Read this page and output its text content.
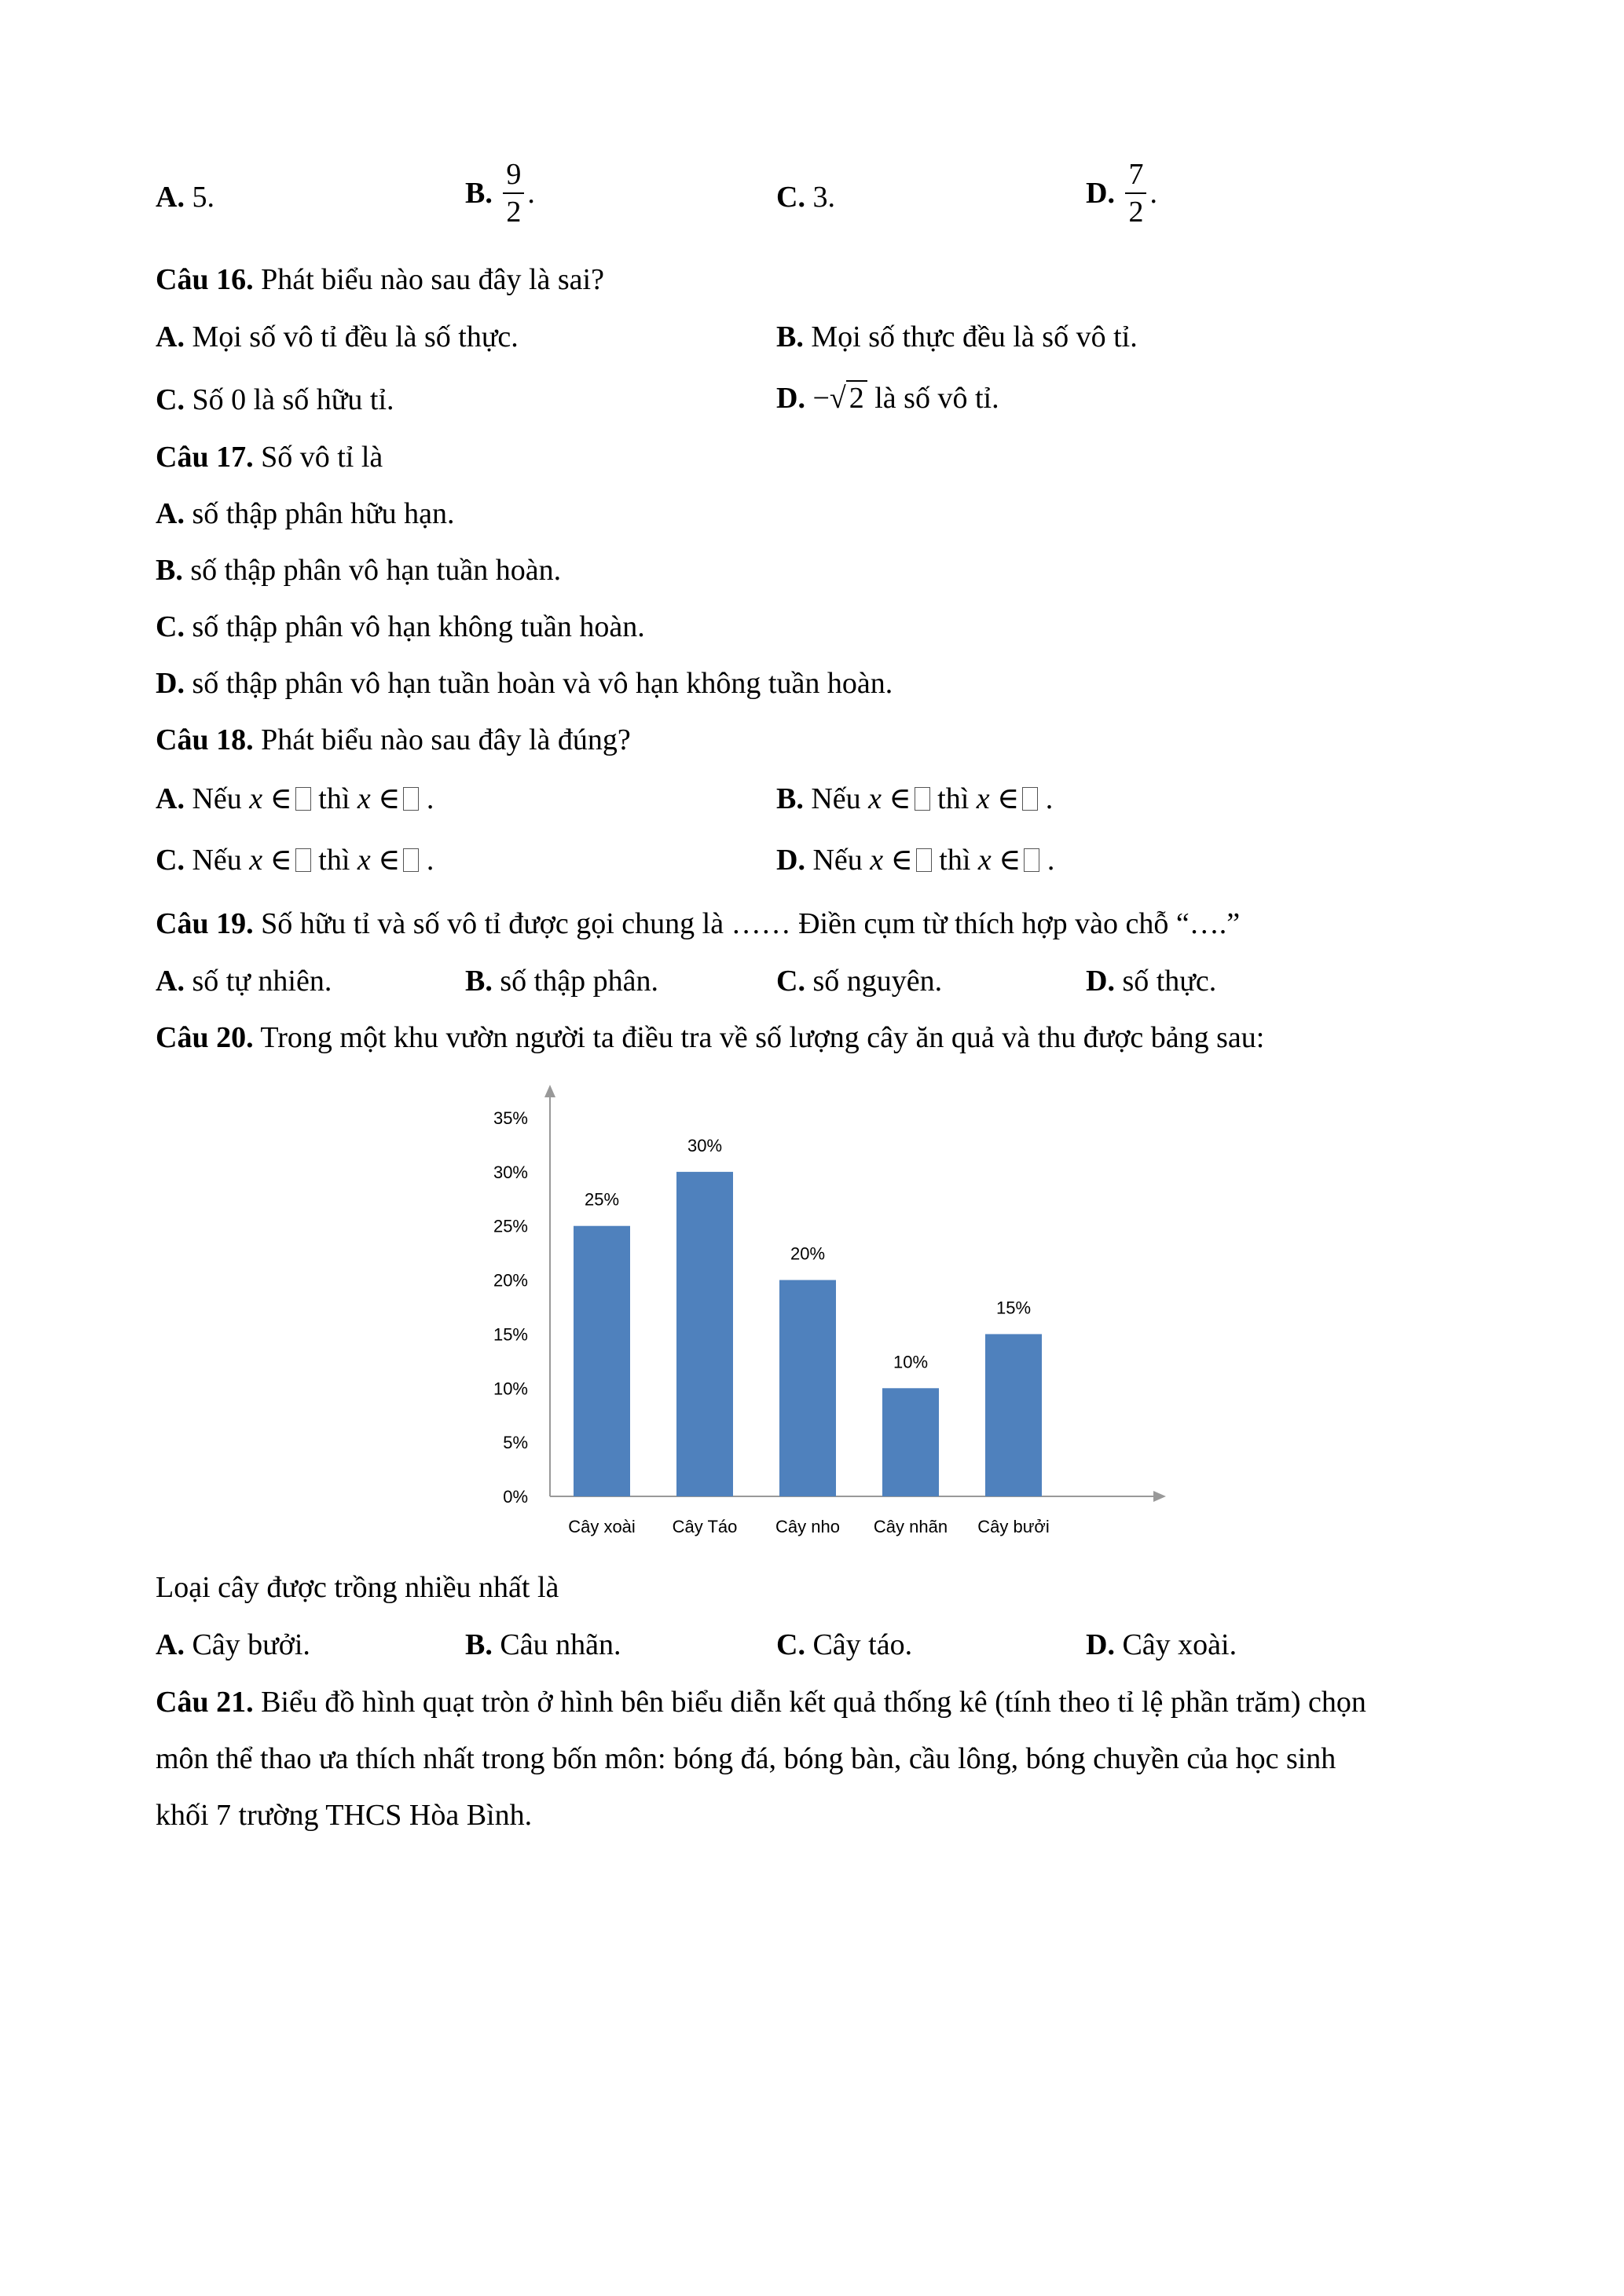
A. 5.	B. $\frac{9}{2}$ .	C. 3.	D. $\frac{7}{2}$ .
Câu 16. Phát biểu nào sau đây là sai?
A. Mọi số vô tỉ đều là số thực.	B. Mọi số thực đều là số vô tỉ.
C. Số 0 là số hữu tỉ.	D. −√ 2 là số vô tỉ.
Câu 17. Số vô tỉ là
A. số thập phân hữu hạn.
B. số thập phân vô hạn tuần hoàn.
C. số thập phân vô hạn không tuần hoàn.
D. số thập phân vô hạn tuần hoàn và vô hạn không tuần hoàn.
Câu 18. Phát biểu nào sau đây là đúng?
A. Nếu x ∈ thì x ∈ .	B. Nếu x ∈ thì x ∈ .
C. Nếu x ∈ thì x ∈ .	D. Nếu x ∈ thì x ∈ .
Câu 19. Số hữu tỉ và số vô tỉ được gọi chung là …… Điền cụm từ thích hợp vào chỗ “….”
A. số tự nhiên.	B. số thập phân.	C. số nguyên.	D. số thực.
Câu 20. Trong một khu vườn người ta điều tra về số lượng cây ăn quả và thu được bảng sau:
0%
5%
10%
15%
20%
25%
30%
35%
25%
Cây xoài
30%
Cây Táo
20%
Cây nho
10%
Cây nhãn
15%
Cây bưởi
Loại cây được trồng nhiều nhất là
A. Cây bưởi.	B. Câu nhãn.	C. Cây táo.	D. Cây xoài.
Câu 21. Biểu đồ hình quạt tròn ở hình bên biểu diễn kết quả thống kê (tính theo tỉ lệ phần trăm) chọn
môn thể thao ưa thích nhất trong bốn môn: bóng đá, bóng bàn, cầu lông, bóng chuyền của học sinh
khối 7 trường THCS Hòa Bình.
